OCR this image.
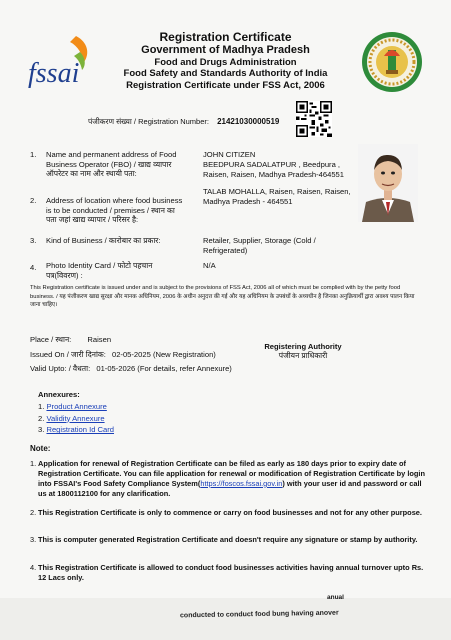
fssai
Registration Certificate
Government of Madhya Pradesh
Food and Drugs Administration
Food Safety and Standards Authority of India
Registration Certificate under FSS Act, 2006
पंजीकरण संख्या / Registration Number: 21421030000519
1. Name and permanent address of Food
Business Operator (FBO) / खाद्य व्यापार
ऑपरेटर का नाम और स्थायी पता:
JOHN CITIZEN
BEEDPURA SADALATPUR , Beedpura ,
Raisen, Raisen, Madhya Pradesh-464551
2. Address of location where food business
is to be conducted / premises / स्थान का
पता जहां खाद्य व्यापार / परिसर है:
TALAB MOHALLA, Raisen, Raisen, Raisen,
Madhya Pradesh - 464551
3. Kind of Business / कारोबार का प्रकार:	Retailer, Supplier, Storage (Cold /
Refrigerated)
4. Photo Identity Card / फोटो पहचान
पत्र(विवरण) :
N/A
This Registration certificate is issued under and is subject to the provisions of FSS Act, 2006 all of which must be complied with by the petty food business. / यह पंजीकरण खाद्य सुरक्षा और मानक अधिनियम, 2006 के अधीन अनुदत्त की गई और यह अधिनियम के उपबंधों के अध्यधीन है जिनका अनुक्रियार्थी द्वारा अवश्य पालन किया जाना चाहिए।
Place / स्थान: Raisen
Issued On / जारी दिनांक: 02-05-2025 (New Registration)
Valid Upto: / वैधता: 01-05-2026 (For details, refer Annexure)
Registering Authority
पंजीयन प्राधिकारी
Annexures:
1. Product Annexure
2. Validity Annexure
3. Registration Id Card
Note:
1. Application for renewal of Registration Certificate can be filed as early as 180 days prior to expiry date of Registration Certificate. You can file application for renewal or modification of Registration Certificate by login into FSSAI's Food Safety Compliance System(https://foscos.fssai.gov.in) with your user id and password or call us at 1800112100 for any clarification.
2. This Registration Certificate is only to commence or carry on food businesses and not for any other purpose.
3. This is computer generated Registration Certificate and doesn't require any signature or stamp by authority.
4. This Registration Certificate is allowed to conduct food businesses activities having annual turnover upto Rs. 12 Lacs only.
anual
conducted to conduct food bung having anover
